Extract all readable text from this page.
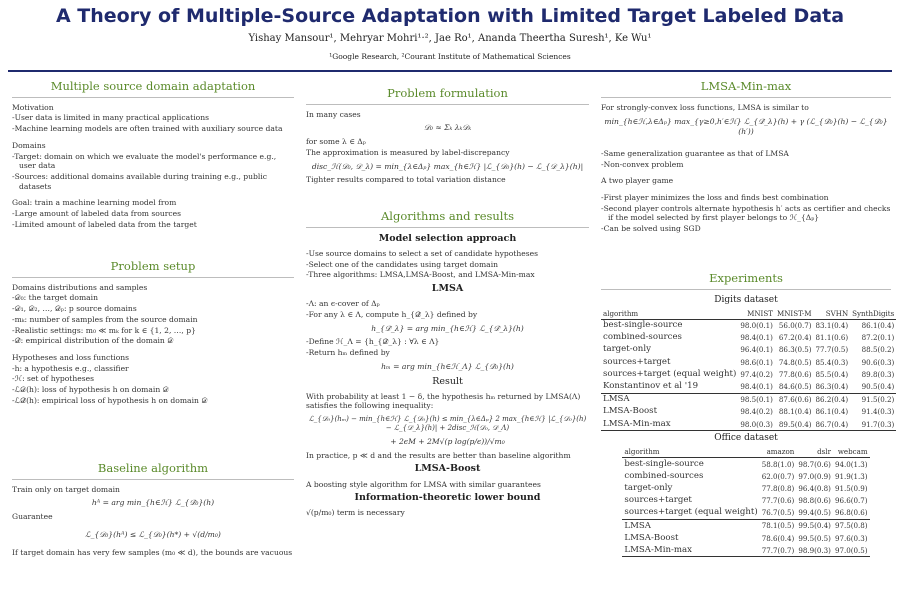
A Theory of Multiple-Source Adaptation with Limited Target Labeled Data
Yishay Mansour¹, Mehryar Mohri¹·², Jae Ro¹, Ananda Theertha Suresh¹, Ke Wu¹
¹Google Research, ²Courant Institute of Mathematical Sciences
Multiple source domain adaptation
Motivation
-User data is limited in many practical applications
-Machine learning models are often trained with auxiliary source data
Domains
-Target: domain on which we evaluate the model's performance e.g., user data
-Sources: additional domains available during training e.g., public datasets
Goal: train a machine learning model from
-Large amount of labeled data from sources
-Limited amount of labeled data from the target
Problem setup
Domains distributions and samples
-𝒟₀: the target domain
-𝒟₁, 𝒟₂, …, 𝒟ₚ: p source domains
-mₖ: number of samples from the source domain
-Realistic settings: m₀ ≪ mₖ for k ∈ {1, 2, …, p}
-𝒟̂: empirical distribution of the domain 𝒟
Hypotheses and loss functions
-h: a hypothesis e.g., classifier
-ℋ: set of hypotheses
-ℒ𝒟(h): loss of hypothesis h on domain 𝒟
-ℒ𝒟̂(h): empirical loss of hypothesis h on domain 𝒟
Baseline algorithm
Train only on target domain
hᴬ = arg min_{h∈ℋ} ℒ_{𝒟̂₀}(h)
Guarantee
ℒ_{𝒟₀}(hᴬ) ≤ ℒ_{𝒟₀}(h*) + √(d/m₀)
If target domain has very few samples (m₀ ≪ d), the bounds are vacuous
Problem formulation
In many cases
𝒟₀ ≈ Σₖ λₖ𝒟ₖ
for some λ ∈ Δₚ
The approximation is measured by label-discrepancy
disc_ℋ(𝒟₀, 𝒟_λ) = min_{λ∈Δₚ} max_{h∈ℋ} |ℒ_{𝒟₀}(h) − ℒ_{𝒟_λ}(h)|
Tighter results compared to total variation distance
Algorithms and results
Model selection approach
-Use source domains to select a set of candidate hypotheses
-Select one of the candidates using target domain
-Three algorithms: LMSA,LMSA-Boost, and LMSA-Min-max
LMSA
-Λ: an ϵ-cover of Δₚ
-For any λ ∈ Λ, compute h_{𝒟̂_λ} defined by
h_{𝒟̂_λ} = arg min_{h∈ℋ} ℒ_{𝒟̂_λ}(h)
-Define ℋ_Λ = {h_{𝒟̂_λ} : ∀λ ∈ Λ}
-Return hₘ defined by
hₘ = arg min_{h∈ℋ_Λ} ℒ_{𝒟̂₀}(h)
Result
With probability at least 1 − δ, the hypothesis hₘ returned by LMSA(Λ) satisfies the following inequality:
ℒ_{𝒟₀}(hₘ) − min_{h∈ℋ} ℒ_{𝒟₀}(h) ≤ min_{λ∈Δₚ} 2 max_{h∈ℋ} |ℒ_{𝒟₀}(h) − ℒ_{𝒟_λ}(h)| + 2disc_ℋ(𝒟₀, 𝒟_Λ)
+ 2ϵM + 2M√(p log(p/ϵ))/√m₀
In practice, p ≪ d and the results are better than baseline algorithm
LMSA-Boost
A boosting style algorithm for LMSA with similar guarantees
Information-theoretic lower bound
√(p/m₀) term is necessary
LMSA-Min-max
For strongly-convex loss functions, LMSA is similar to
min_{h∈ℋ,λ∈Δₚ} max_{γ≥0,h′∈ℋ} ℒ_{𝒟̂_λ}(h) + γ (ℒ_{𝒟̂₀}(h) − ℒ_{𝒟̂₀}(h′))
-Same generalization guarantee as that of LMSA
-Non-convex problem
A two player game
-First player minimizes the loss and finds best combination
-Second player controls alternate hypothesis h′ acts as certifier and checks if the model selected by first player belongs to ℋ_{Δₚ}
-Can be solved using SGD
Experiments
Digits dataset
algorithm	MNIST	MNIST-M	SVHN	SynthDigits
best-single-source	98.0(0.1)	56.0(0.7)	83.1(0.4)	86.1(0.4)
combined-sources	98.4(0.1)	67.2(0.4)	81.1(0.6)	87.2(0.1)
target-only	96.4(0.1)	86.3(0.5)	77.7(0.5)	88.5(0.2)
sources+target	98.6(0.1)	74.8(0.5)	85.4(0.3)	90.6(0.3)
sources+target (equal weight)	97.4(0.2)	77.8(0.6)	85.5(0.4)	89.8(0.3)
Konstantinov et al '19	98.4(0.1)	84.6(0.5)	86.3(0.4)	90.5(0.4)
LMSA	98.5(0.1)	87.6(0.6)	86.2(0.4)	91.5(0.2)
LMSA-Boost	98.4(0.2)	88.1(0.4)	86.1(0.4)	91.4(0.3)
LMSA-Min-max	98.0(0.3)	89.5(0.4)	86.7(0.4)	91.7(0.3)
Office dataset
algorithm	amazon	dslr	webcam
best-single-source	58.8(1.0)	98.7(0.6)	94.0(1.3)
combined-sources	62.0(0.7)	97.0(0.9)	91.9(1.3)
target-only	77.8(0.8)	96.4(0.8)	91.5(0.9)
sources+target	77.7(0.6)	98.8(0.6)	96.6(0.7)
sources+target (equal weight)	76.7(0.5)	99.4(0.5)	96.8(0.6)
LMSA	78.1(0.5)	99.5(0.4)	97.5(0.8)
LMSA-Boost	78.6(0.4)	99.5(0.5)	97.6(0.3)
LMSA-Min-max	77.7(0.7)	98.9(0.3)	97.0(0.5)
